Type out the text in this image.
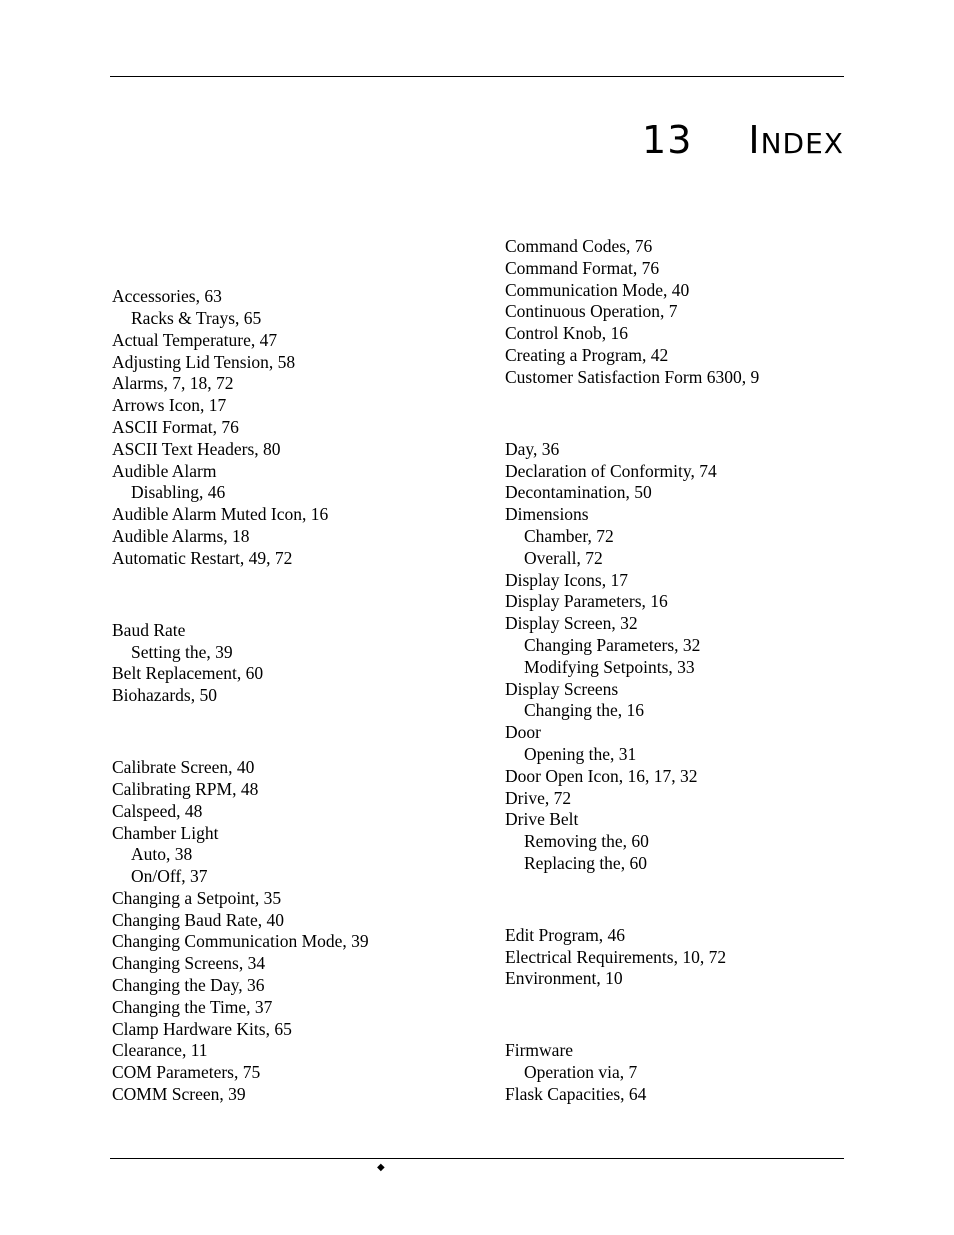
13 INDEX
Accessories, 63
Racks & Trays, 65
Actual Temperature, 47
Adjusting Lid Tension, 58
Alarms, 7, 18, 72
Arrows Icon, 17
ASCII Format, 76
ASCII Text Headers, 80
Audible Alarm
Disabling, 46
Audible Alarm Muted Icon, 16
Audible Alarms, 18
Automatic Restart, 49, 72
Baud Rate
Setting the, 39
Belt Replacement, 60
Biohazards, 50
Calibrate Screen, 40
Calibrating RPM, 48
Calspeed, 48
Chamber Light
Auto, 38
On/Off, 37
Changing a Setpoint, 35
Changing Baud Rate, 40
Changing Communication Mode, 39
Changing Screens, 34
Changing the Day, 36
Changing the Time, 37
Clamp Hardware Kits, 65
Clearance, 11
COM Parameters, 75
COMM Screen, 39
Command Codes, 76
Command Format, 76
Communication Mode, 40
Continuous Operation, 7
Control Knob, 16
Creating a Program, 42
Customer Satisfaction Form 6300, 9
Day, 36
Declaration of Conformity, 74
Decontamination, 50
Dimensions
Chamber, 72
Overall, 72
Display Icons, 17
Display Parameters, 16
Display Screen, 32
Changing Parameters, 32
Modifying Setpoints, 33
Display Screens
Changing the, 16
Door
Opening the, 31
Door Open Icon, 16, 17, 32
Drive, 72
Drive Belt
Removing the, 60
Replacing the, 60
Edit Program, 46
Electrical Requirements, 10, 72
Environment, 10
Firmware
Operation via, 7
Flask Capacities, 64
◆
